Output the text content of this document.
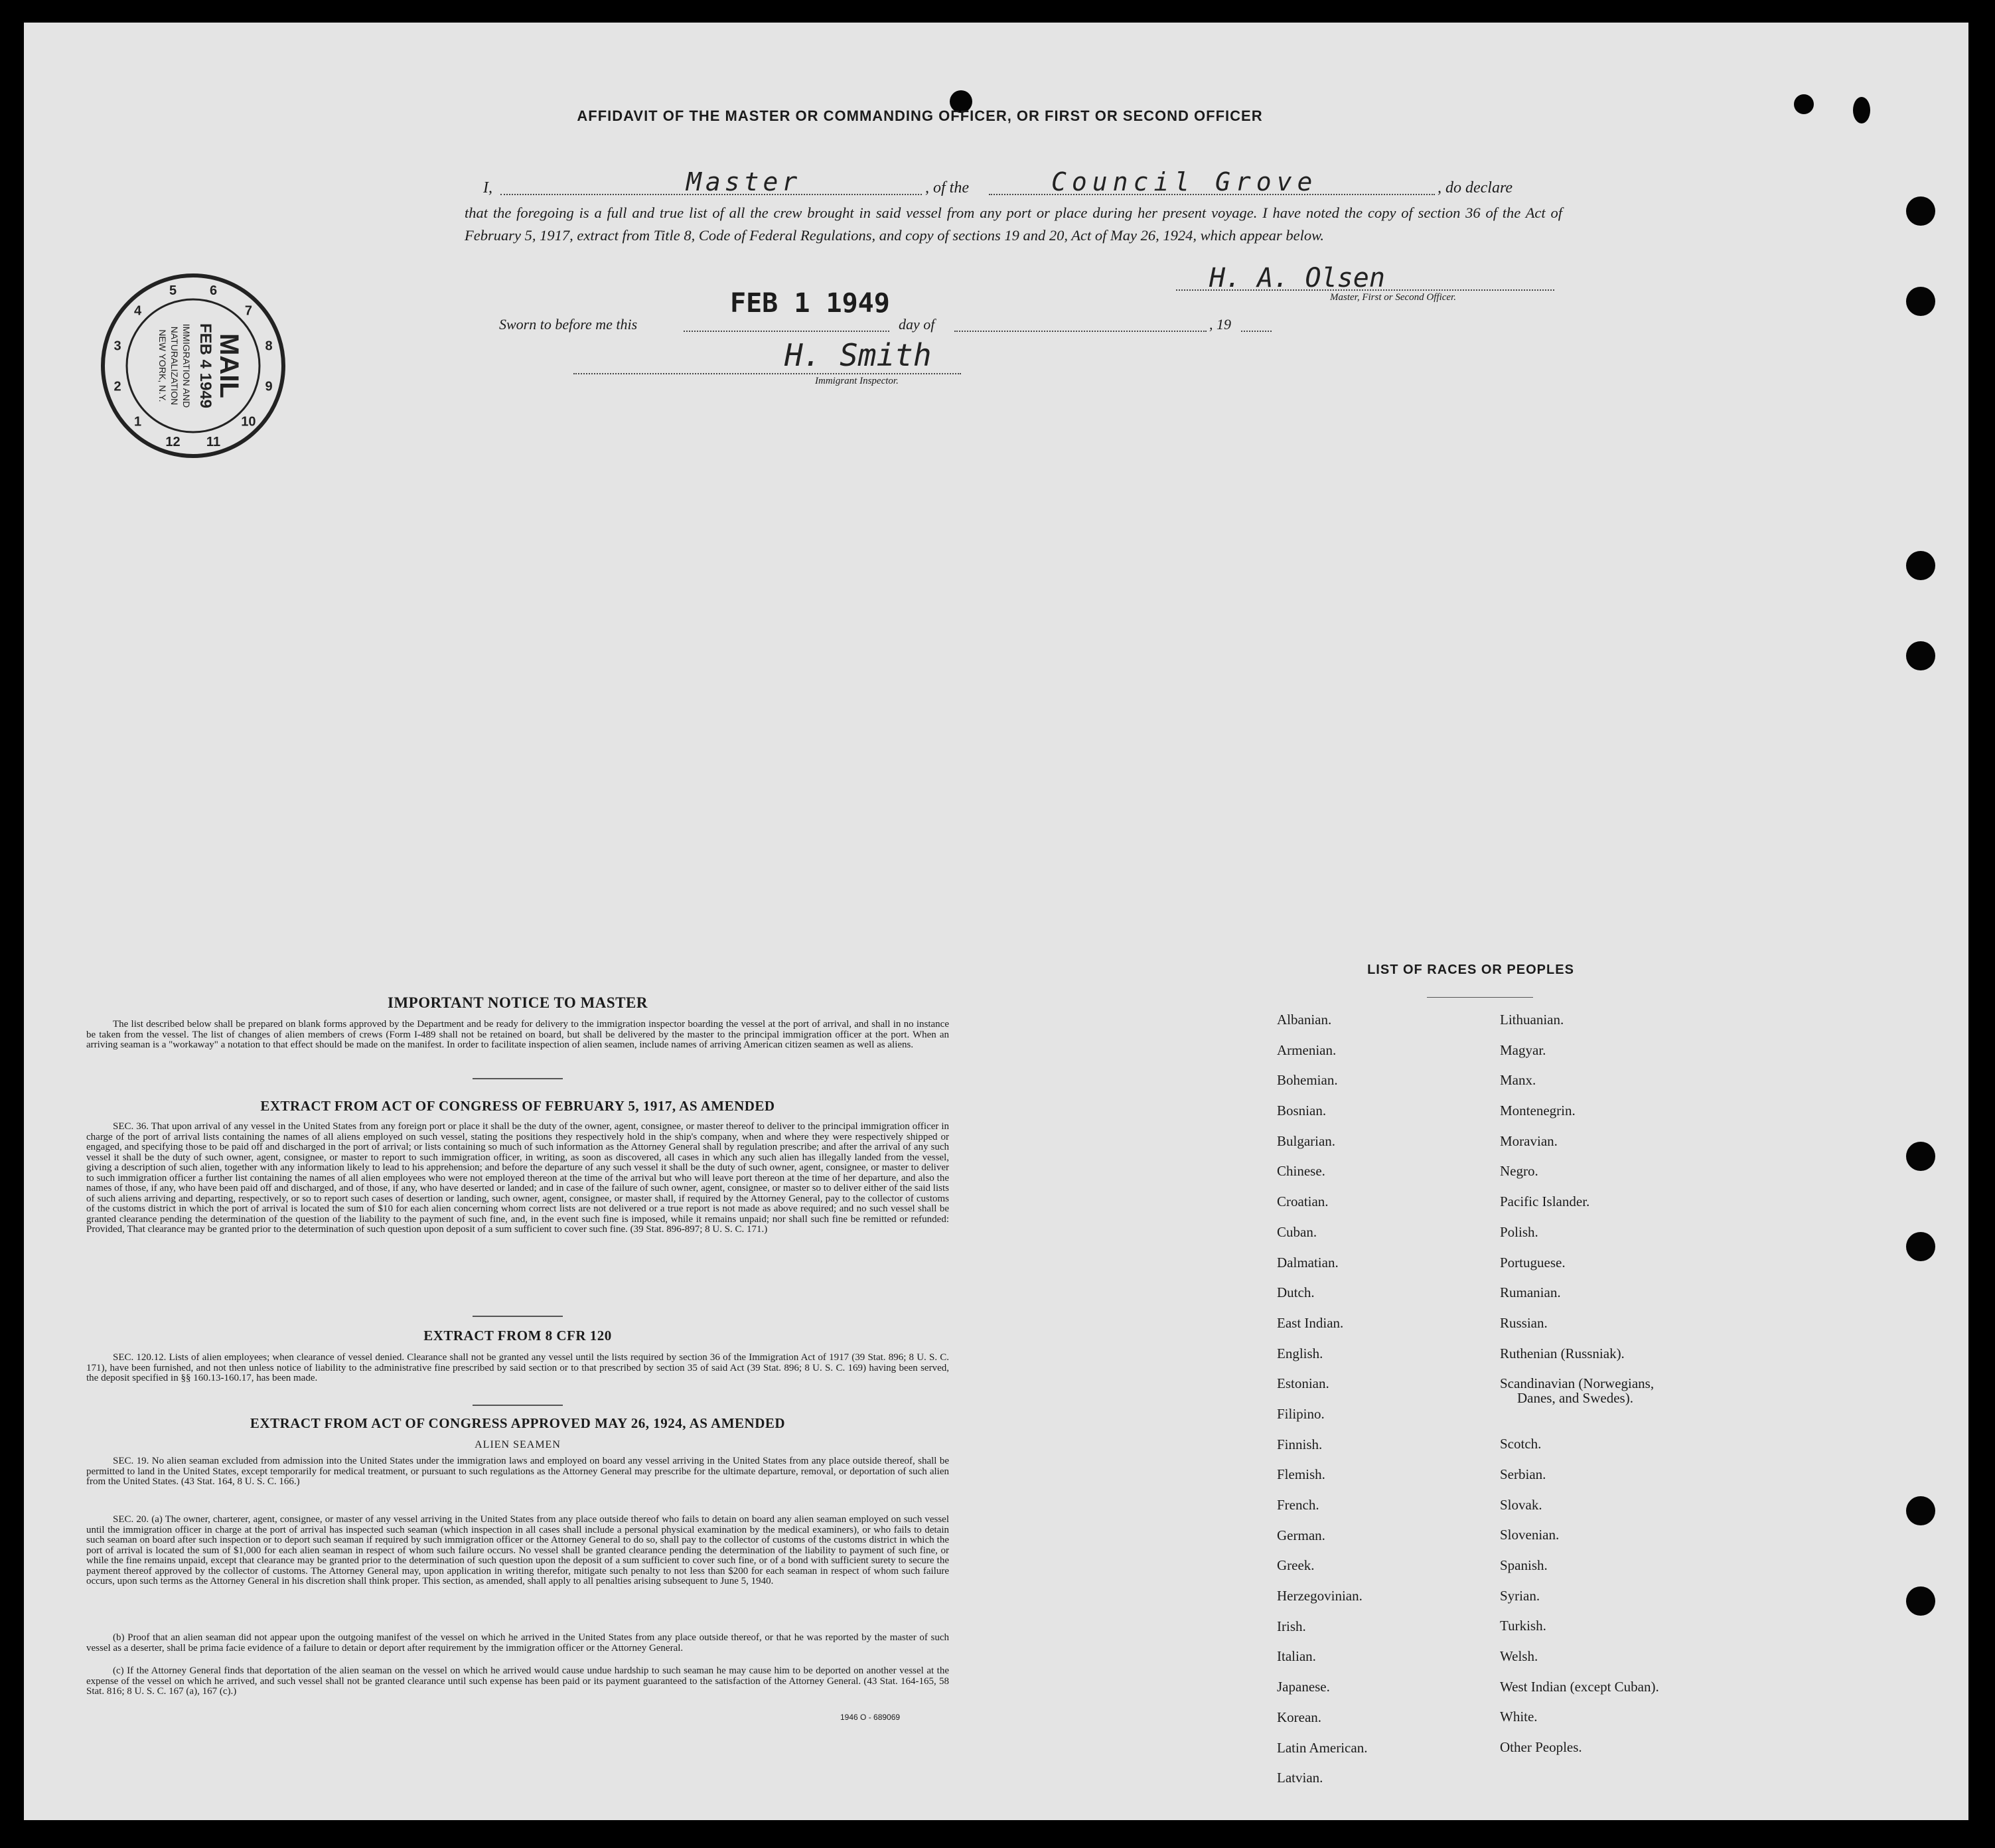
AFFIDAVIT OF THE MASTER OR COMMANDING OFFICER, OR FIRST OR SECOND OFFICER
I,	Master	, of the	Council Grove	, do declare
that the foregoing is a full and true list of all the crew brought in said vessel from any port or place during her present voyage. I have noted the copy of section 36 of the Act of February 5, 1917, extract from Title 8, Code of Federal Regulations, and copy of sections 19 and 20, Act of May 26, 1924, which appear below.
H. A. Olsen
Master, First or Second Officer.
Sworn to before me this
FEB 1 1949
day of	, 19
H. Smith
Immigrant Inspector.
1
2
3
4
5 6
7
8
9
10
11
12
MAIL
FEB 4 1949
IMMIGRATION AND
NATURALIZATION
NEW YORK, N.Y.
IMPORTANT NOTICE TO MASTER
The list described below shall be prepared on blank forms approved by the Department and be ready for delivery to the immigration inspector boarding the vessel at the port of arrival, and shall in no instance be taken from the vessel. The list of changes of alien members of crews (Form I-489 shall not be retained on board, but shall be delivered by the master to the principal immigration officer at the port. When an arriving seaman is a "workaway" a notation to that effect should be made on the manifest. In order to facilitate inspection of alien seamen, include names of arriving American citizen seamen as well as aliens.
EXTRACT FROM ACT OF CONGRESS OF FEBRUARY 5, 1917, AS AMENDED
SEC. 36. That upon arrival of any vessel in the United States from any foreign port or place it shall be the duty of the owner, agent, consignee, or master thereof to deliver to the principal immigration officer in charge of the port of arrival lists containing the names of all aliens employed on such vessel, stating the positions they respectively hold in the ship's company, when and where they were respectively shipped or engaged, and specifying those to be paid off and discharged in the port of arrival; or lists containing so much of such information as the Attorney General shall by regulation prescribe; and after the arrival of any such vessel it shall be the duty of such owner, agent, consignee, or master to report to such immigration officer, in writing, as soon as discovered, all cases in which any such alien has illegally landed from the vessel, giving a description of such alien, together with any information likely to lead to his apprehension; and before the departure of any such vessel it shall be the duty of such owner, agent, consignee, or master to deliver to such immigration officer a further list containing the names of all alien employees who were not employed thereon at the time of the arrival but who will leave port thereon at the time of her departure, and also the names of those, if any, who have been paid off and discharged, and of those, if any, who have deserted or landed; and in case of the failure of such owner, agent, consignee, or master so to deliver either of the said lists of such aliens arriving and departing, respectively, or so to report such cases of desertion or landing, such owner, agent, consignee, or master shall, if required by the Attorney General, pay to the collector of customs of the customs district in which the port of arrival is located the sum of $10 for each alien concerning whom correct lists are not delivered or a true report is not made as above required; and no such vessel shall be granted clearance pending the determination of the question of the liability to the payment of such fine, and, in the event such fine is imposed, while it remains unpaid; nor shall such fine be remitted or refunded: Provided, That clearance may be granted prior to the determination of such question upon deposit of a sum sufficient to cover such fine. (39 Stat. 896-897; 8 U. S. C. 171.)
EXTRACT FROM 8 CFR 120
SEC. 120.12. Lists of alien employees; when clearance of vessel denied. Clearance shall not be granted any vessel until the lists required by section 36 of the Immigration Act of 1917 (39 Stat. 896; 8 U. S. C. 171), have been furnished, and not then unless notice of liability to the administrative fine prescribed by said section or to that prescribed by section 35 of said Act (39 Stat. 896; 8 U. S. C. 169) having been served, the deposit specified in §§ 160.13-160.17, has been made.
EXTRACT FROM ACT OF CONGRESS APPROVED MAY 26, 1924, AS AMENDED
ALIEN SEAMEN
SEC. 19. No alien seaman excluded from admission into the United States under the immigration laws and employed on board any vessel arriving in the United States from any place outside thereof, shall be permitted to land in the United States, except temporarily for medical treatment, or pursuant to such regulations as the Attorney General may prescribe for the ultimate departure, removal, or deportation of such alien from the United States. (43 Stat. 164, 8 U. S. C. 166.)
SEC. 20. (a) The owner, charterer, agent, consignee, or master of any vessel arriving in the United States from any place outside thereof who fails to detain on board any alien seaman employed on such vessel until the immigration officer in charge at the port of arrival has inspected such seaman (which inspection in all cases shall include a personal physical examination by the medical examiners), or who fails to detain such seaman on board after such inspection or to deport such seaman if required by such immigration officer or the Attorney General to do so, shall pay to the collector of customs of the customs district in which the port of arrival is located the sum of $1,000 for each alien seaman in respect of whom such failure occurs. No vessel shall be granted clearance pending the determination of the liability to payment of such fine, or while the fine remains unpaid, except that clearance may be granted prior to the determination of such question upon the deposit of a sum sufficient to cover such fine, or of a bond with sufficient surety to secure the payment thereof approved by the collector of customs. The Attorney General may, upon application in writing therefor, mitigate such penalty to not less than $200 for each seaman in respect of whom such failure occurs, upon such terms as the Attorney General in his discretion shall think proper. This section, as amended, shall apply to all penalties arising subsequent to June 5, 1940.
(b) Proof that an alien seaman did not appear upon the outgoing manifest of the vessel on which he arrived in the United States from any place outside thereof, or that he was reported by the master of such vessel as a deserter, shall be prima facie evidence of a failure to detain or deport after requirement by the immigration officer or the Attorney General.
(c) If the Attorney General finds that deportation of the alien seaman on the vessel on which he arrived would cause undue hardship to such seaman he may cause him to be deported on another vessel at the expense of the vessel on which he arrived, and such vessel shall not be granted clearance until such expense has been paid or its payment guaranteed to the satisfaction of the Attorney General. (43 Stat. 164-165, 58 Stat. 816; 8 U. S. C. 167 (a), 167 (c).)
1946 O - 689069
LIST OF RACES OR PEOPLES
Albanian.
Armenian.
Bohemian.
Bosnian.
Bulgarian.
Chinese.
Croatian.
Cuban.
Dalmatian.
Dutch.
East Indian.
English.
Estonian.
Filipino.
Finnish.
Flemish.
French.
German.
Greek.
Herzegovinian.
Irish.
Italian.
Japanese.
Korean.
Latin American.
Latvian.
Lithuanian.
Magyar.
Manx.
Montenegrin.
Moravian.
Negro.
Pacific Islander.
Polish.
Portuguese.
Rumanian.
Russian.
Ruthenian (Russniak).
Scandinavian (Norwegians,
Danes, and Swedes).
Scotch.
Serbian.
Slovak.
Slovenian.
Spanish.
Syrian.
Turkish.
Welsh.
West Indian (except Cuban).
White.
Other Peoples.
